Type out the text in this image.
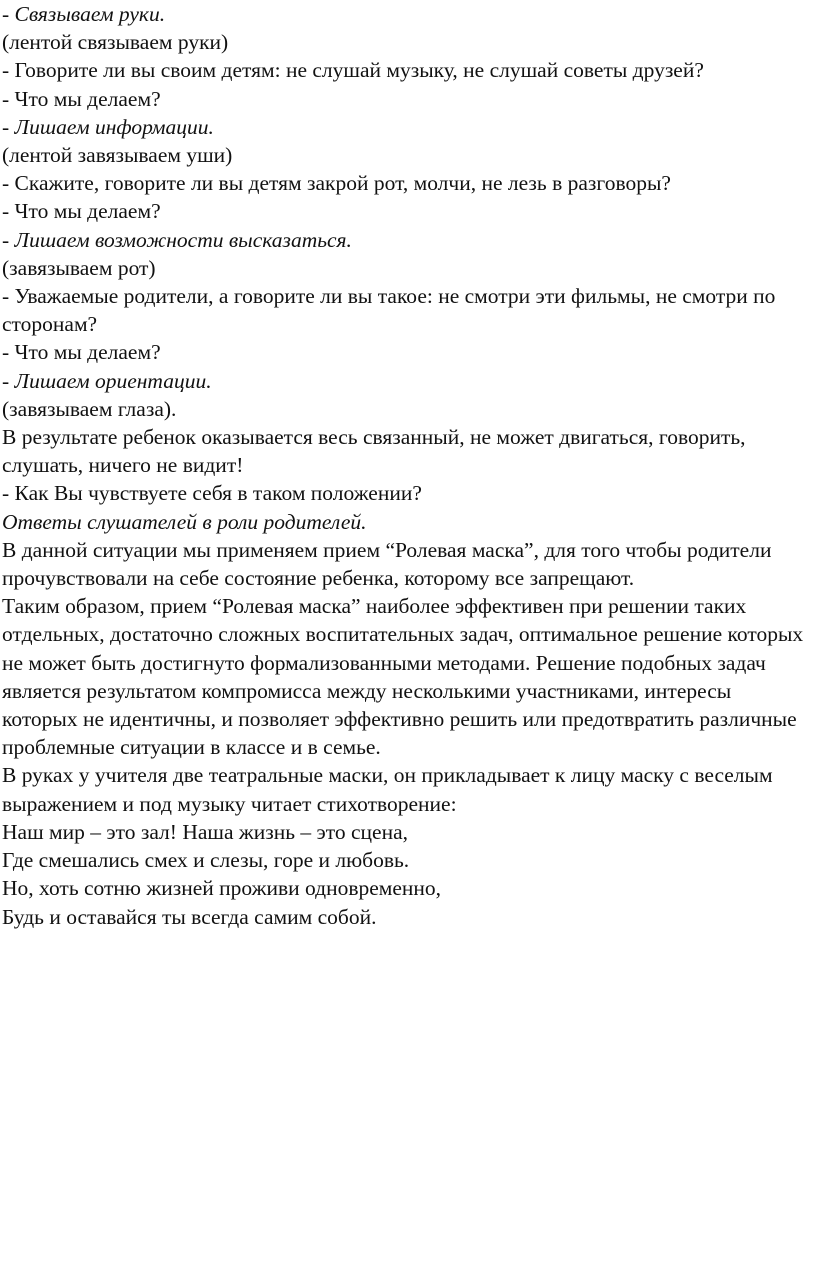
- Связываем руки.

(лентой связываем руки)

- Говорите ли вы своим детям: не слушай музыку, не слушай советы друзей?

- Что мы делаем?

- Лишаем информации.

(лентой завязываем уши)

- Скажите, говорите ли вы детям закрой рот, молчи, не лезь в разговоры?

- Что мы делаем?

- Лишаем возможности высказаться.

(завязываем рот)

- Уважаемые родители, а говорите ли вы такое: не смотри эти фильмы, не смотри по сторонам?

- Что мы делаем?

- Лишаем ориентации.

(завязываем глаза).

В результате ребенок оказывается весь связанный, не может двигаться, говорить, слушать, ничего не видит!

- Как Вы чувствуете себя в таком положении?

Ответы слушателей в роли родителей.

В данной ситуации мы применяем прием “Ролевая маска”, для того чтобы родители прочувствовали на себе состояние ребенка, которому все запрещают.

Таким образом, прием “Ролевая маска” наиболее эффективен при решении таких отдельных, достаточно сложных воспитательных задач, оптимальное решение которых не может быть достигнуто формализованными методами. Решение подобных задач является результатом компромисса между несколькими участниками, интересы которых не идентичны, и позволяет эффективно решить или предотвратить различные проблемные ситуации в классе и в семье.

В руках у учителя две театральные маски, он прикладывает к лицу маску с веселым выражением и под музыку читает стихотворение:

Наш мир – это зал! Наша жизнь – это сцена,

Где смешались смех и слезы, горе и любовь.

Но, хоть сотню жизней проживи одновременно,

Будь и оставайся ты всегда самим собой.
